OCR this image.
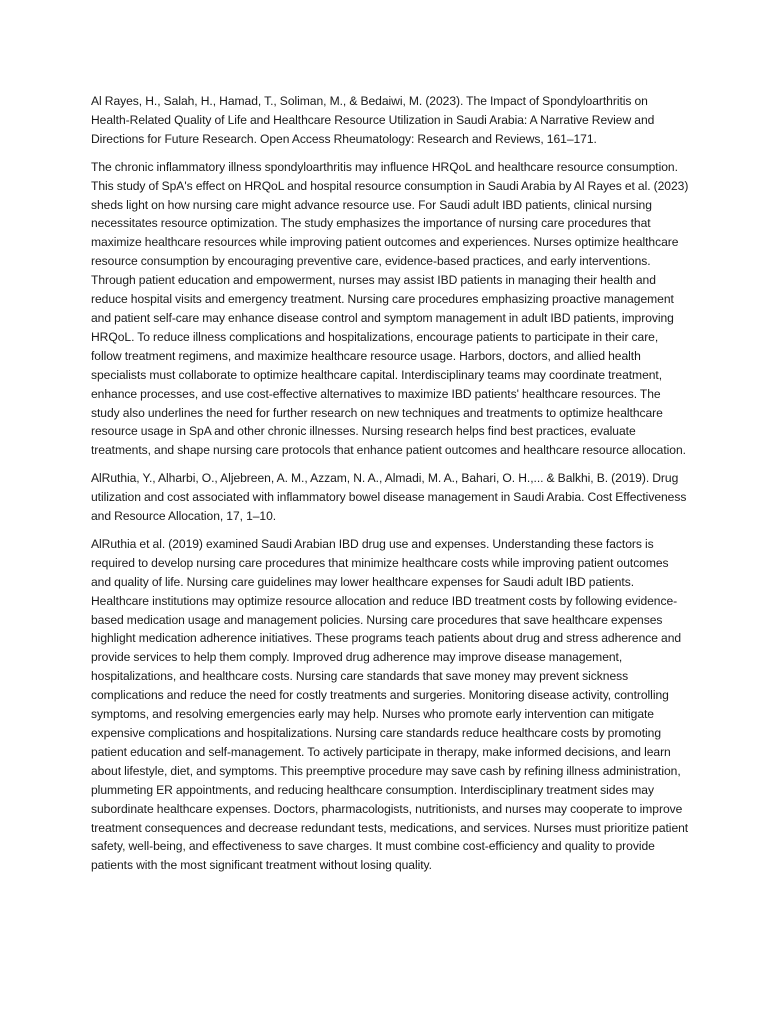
Al Rayes, H., Salah, H., Hamad, T., Soliman, M., & Bedaiwi, M. (2023). The Impact of Spondyloarthritis on Health-Related Quality of Life and Healthcare Resource Utilization in Saudi Arabia: A Narrative Review and Directions for Future Research. Open Access Rheumatology: Research and Reviews, 161–171.

The chronic inflammatory illness spondyloarthritis may influence HRQoL and healthcare resource consumption. This study of SpA's effect on HRQoL and hospital resource consumption in Saudi Arabia by Al Rayes et al. (2023) sheds light on how nursing care might advance resource use. For Saudi adult IBD patients, clinical nursing necessitates resource optimization. The study emphasizes the importance of nursing care procedures that maximize healthcare resources while improving patient outcomes and experiences. Nurses optimize healthcare resource consumption by encouraging preventive care, evidence-based practices, and early interventions. Through patient education and empowerment, nurses may assist IBD patients in managing their health and reduce hospital visits and emergency treatment. Nursing care procedures emphasizing proactive management and patient self-care may enhance disease control and symptom management in adult IBD patients, improving HRQoL. To reduce illness complications and hospitalizations, encourage patients to participate in their care, follow treatment regimens, and maximize healthcare resource usage. Harbors, doctors, and allied health specialists must collaborate to optimize healthcare capital. Interdisciplinary teams may coordinate treatment, enhance processes, and use cost-effective alternatives to maximize IBD patients' healthcare resources. The study also underlines the need for further research on new techniques and treatments to optimize healthcare resource usage in SpA and other chronic illnesses. Nursing research helps find best practices, evaluate treatments, and shape nursing care protocols that enhance patient outcomes and healthcare resource allocation.

AlRuthia, Y., Alharbi, O., Aljebreen, A. M., Azzam, N. A., Almadi, M. A., Bahari, O. H.,... & Balkhi, B. (2019). Drug utilization and cost associated with inflammatory bowel disease management in Saudi Arabia. Cost Effectiveness and Resource Allocation, 17, 1–10.

AlRuthia et al. (2019) examined Saudi Arabian IBD drug use and expenses. Understanding these factors is required to develop nursing care procedures that minimize healthcare costs while improving patient outcomes and quality of life. Nursing care guidelines may lower healthcare expenses for Saudi adult IBD patients. Healthcare institutions may optimize resource allocation and reduce IBD treatment costs by following evidence-based medication usage and management policies. Nursing care procedures that save healthcare expenses highlight medication adherence initiatives. These programs teach patients about drug and stress adherence and provide services to help them comply. Improved drug adherence may improve disease management, hospitalizations, and healthcare costs. Nursing care standards that save money may prevent sickness complications and reduce the need for costly treatments and surgeries. Monitoring disease activity, controlling symptoms, and resolving emergencies early may help. Nurses who promote early intervention can mitigate expensive complications and hospitalizations. Nursing care standards reduce healthcare costs by promoting patient education and self-management. To actively participate in therapy, make informed decisions, and learn about lifestyle, diet, and symptoms. This preemptive procedure may save cash by refining illness administration, plummeting ER appointments, and reducing healthcare consumption. Interdisciplinary treatment sides may subordinate healthcare expenses. Doctors, pharmacologists, nutritionists, and nurses may cooperate to improve treatment consequences and decrease redundant tests, medications, and services. Nurses must prioritize patient safety, well-being, and effectiveness to save charges. It must combine cost-efficiency and quality to provide patients with the most significant treatment without losing quality.
